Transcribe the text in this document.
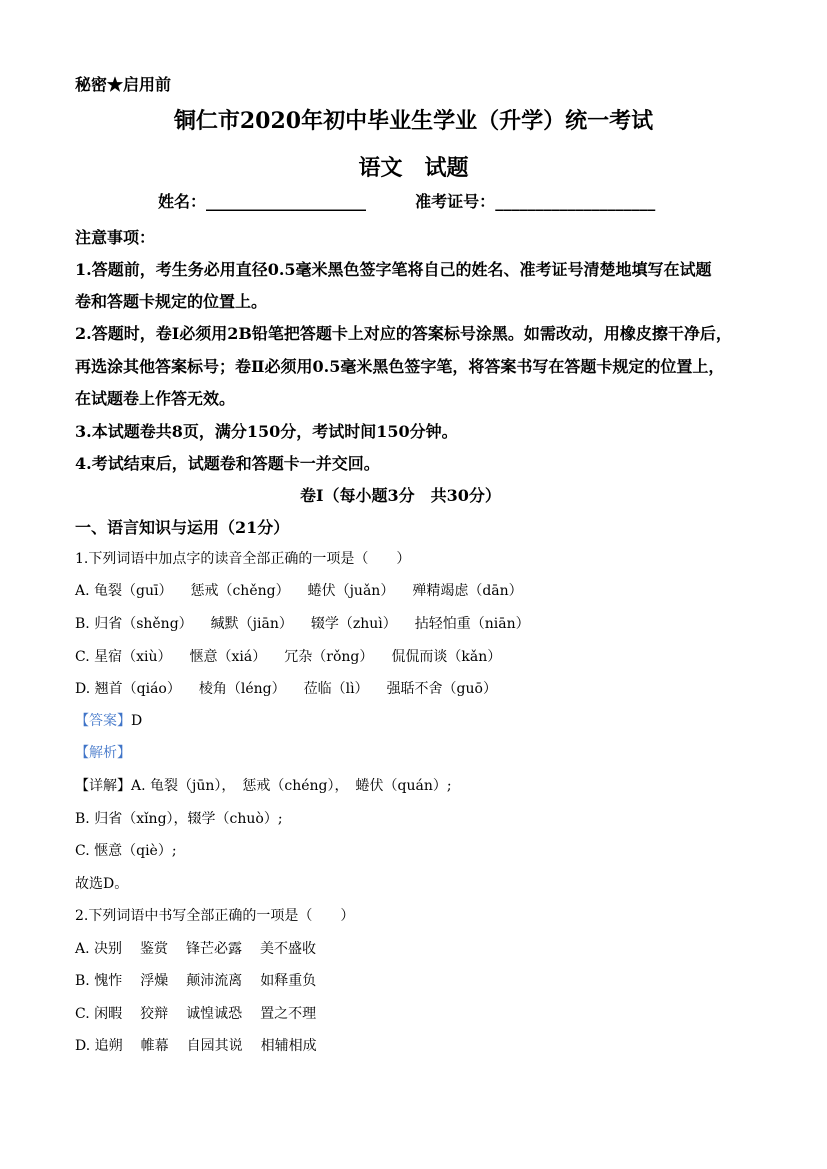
秘密★启用前
铜仁市2020年初中毕业生学业（升学）统一考试
语文　试题
姓名：____________________	准考证号：____________________
注意事项：
1.答题前，考生务必用直径0.5毫米黑色签字笔将自己的姓名、准考证号清楚地填写在试题
卷和答题卡规定的位置上。
2.答题时，卷Ⅰ必须用2B铅笔把答题卡上对应的答案标号涂黑。如需改动，用橡皮擦干净后，
再选涂其他答案标号；卷Ⅱ必须用0.5毫米黑色签字笔，将答案书写在答题卡规定的位置上，
在试题卷上作答无效。
3.本试题卷共8页，满分150分，考试时间150分钟。
4.考试结束后，试题卷和答题卡一并交回。
卷Ⅰ（每小题3分　共30分）
一、语言知识与运用（21分）
1.下列词语中加点字的读音全部正确的一项是（　　）
A. 龟裂（guī） 惩戒（chěng） 蜷伏（juǎn） 殚精竭虑（dān）
B. 归省（shěng） 缄默（jiān） 辍学（zhuì） 拈轻怕重（niān）
C. 星宿（xiù） 惬意（xiá） 冗杂（rǒng） 侃侃而谈（kǎn）
D. 翘首（qiáo） 棱角（léng） 莅临（lì） 强聒不舍（guō）
【答案】D
【解析】
【详解】A. 龟裂（jūn），　惩戒（chéng），　蜷伏（quán）;
B. 归省（xǐng），辍学（chuò）;
C. 惬意（qiè）;
故选D。
2.下列词语中书写全部正确的一项是（　　）
A. 决别 鉴赏 锋芒必露 美不盛收
B. 愧怍 浮燥 颠沛流离 如释重负
C. 闲暇 狡辩 诚惶诚恐 置之不理
D. 追朔 帷幕 自园其说 相辅相成
